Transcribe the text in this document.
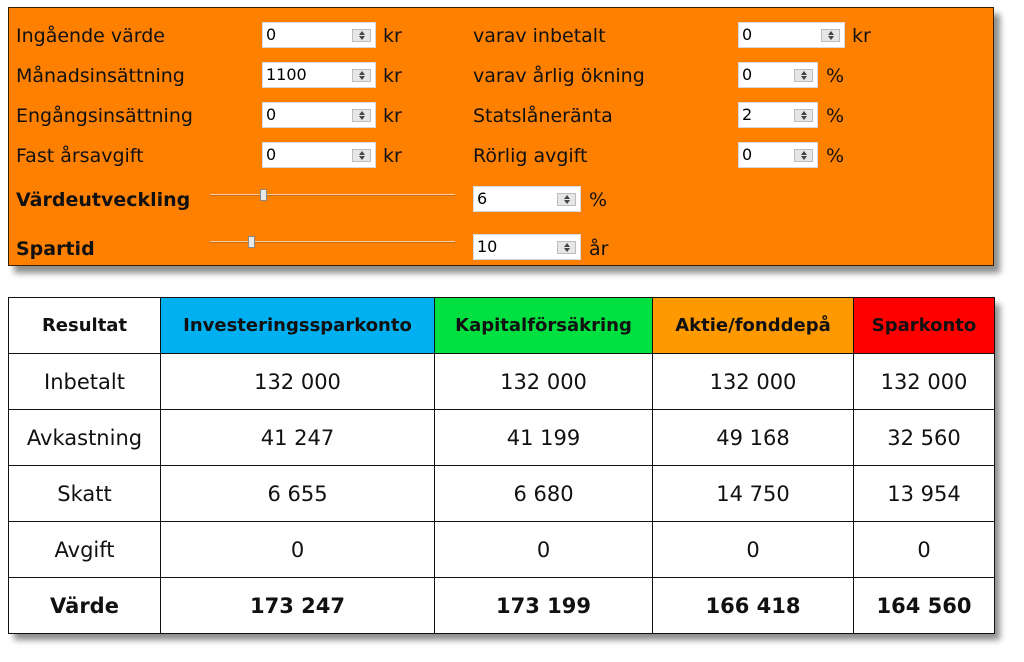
Ingående värde	0	kr
Månadsinsättning	1100	kr
Engångsinsättning	0	kr
Fast årsavgift	0	kr
varav inbetalt	0	kr
varav årlig ökning	0	%
Statslåneränta	2	%
Rörlig avgift	0	%
Värdeutveckling	6	%
Spartid	10	år
Resultat	Investeringssparkonto	Kapitalförsäkring	Aktie/fonddepå	Sparkonto
Inbetalt	132 000	132 000	132 000	132 000
Avkastning	41 247	41 199	49 168	32 560
Skatt	6 655	6 680	14 750	13 954
Avgift	0	0	0	0
Värde	173 247	173 199	166 418	164 560
